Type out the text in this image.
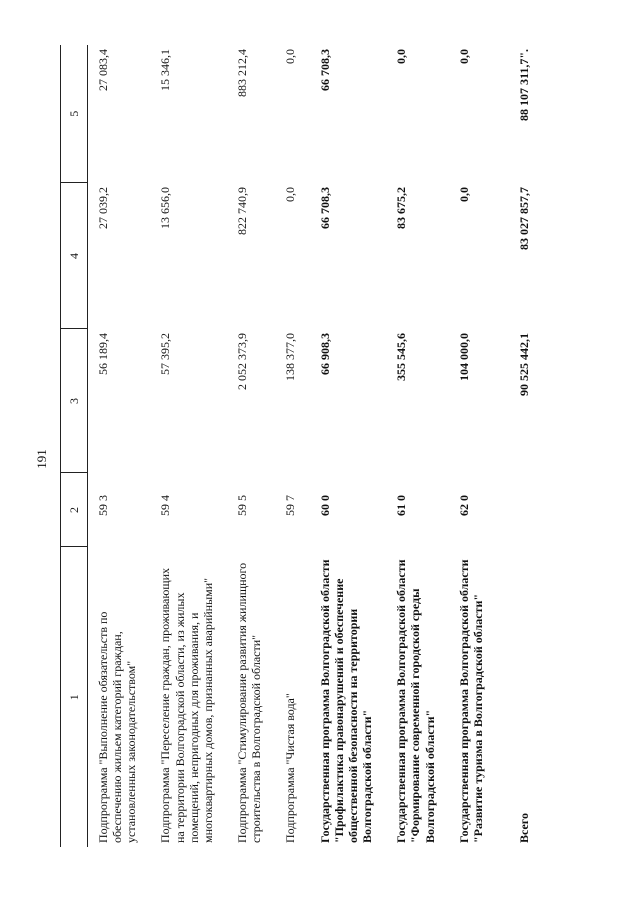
191
1	2	3	4	5
Подпрограмма "Выполнение обязательств по обеспечению жильем категорий граждан, установленных законодательством"	59 3	56 189,4	27 039,2	27 083,4
Подпрограмма "Переселение граждан, проживающих на территории Волгоградской области, из жилых помещений, непригодных для проживания, и многоквартирных домов, признанных аварийными"	59 4	57 395,2	13 656,0	15 346,1
Подпрограмма "Стимулирование развития жилищного строительства в Волгоградской области"	59 5	2 052 373,9	822 740,9	883 212,4
Подпрограмма "Чистая вода"	59 7	138 377,0	0,0	0,0
Государственная программа Волгоградской области "Профилактика правонарушений и обеспечение общественной безопасности на территории Волгоградской области"	60 0	66 908,3	66 708,3	66 708,3
Государственная программа Волгоградской области "Формирование современной городской среды Волгоградской области"	61 0	355 545,6	83 675,2	0,0
Государственная программа Волгоградской области "Развитие туризма в Волгоградской области"	62 0	104 000,0	0,0	0,0
Всего		90 525 442,1	83 027 857,7	88 107 311,7".
